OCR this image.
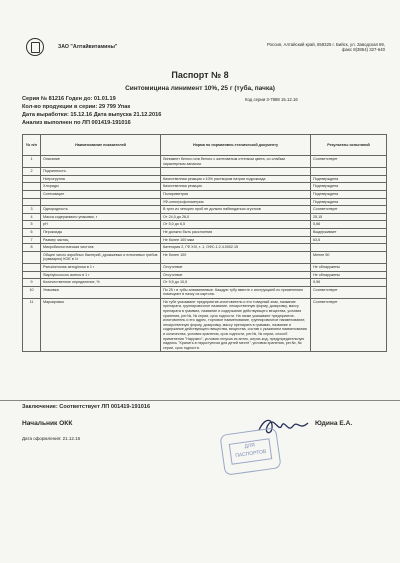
ЗАО "Алтайвитамины"	Россия, Алтайский край, 659325 г. Бийск, ул. Заводская 69,
факс 8(3854) 327-640
Паспорт № 8
Синтомицина линимент 10%, 25 г (туба, пачка)
Серия № 81216 Годен до: 01.01.19	Код серии 3-7888 15.12.16
Кол-во продукции в серии: 29 799 Упак
Дата выработки: 15.12.16 Дата выпуска 21.12.2016
Анализ выполнен по ЛП 001419-191016
№ п/п	Наименование показателей	Норма по нормативно-технической документу	Результаты испытаний
1	Описание	Линимент белого или белого с желтоватым оттенком цвета, со слабым характерным запахом.	Соответствует
2	Подлинность:		
	Нитрогруппа	Качественная реакция с 10% раствором натрия гидроксида	Подтверждена
	Хлориды	Качественная реакция	Подтверждена
	Синтомицин	Поляриметрия	Подтверждена
		УФ-спектрофотометрия	Подтверждена
3	Однородность	В трех из четырех проб не должно наблюдаться сгустков	Соответствует
4	Масса содержимого упаковки, г	От 24,0 до 26,0	25,15
5	pH	От 5,0 до 6,5	5,66
6	Пероксиды	Не должно быть расслоения	Выдерживает
7	Размер частиц	Не более 100 мкм	63,6
8	Микробиологическая чистота:	Категория 2, ГФ XIII, т. 1, ОФС.1.2.4.0002.15	
	Общее число аэробных бактерий, дрожжевых и плесневых грибов (суммарно) КОЕ в 1г	Не более 100	Менее 50
	Pseudomonas aeruginosa в 1 г	Отсутствие	Не обнаружены
	Staphylococcus aureus в 1 г	Отсутствие	Не обнаружены
9	Количественное определение, %	От 9,5 до 10,5	9,96
10	Упаковка	По 25 г в тубы алюминиевые. Каждую тубу вместе с инструкцией по применению помещают в пачку из картона.	Соответствует
11	Маркировка	На тубе указывают предприятие-изготовитель и его товарный знак, название препарата, группировочное название, лекарственную форму, дозировку, массу препарата в граммах, название и содержание действующего вещества, условия хранения, рег.№, № серии, срок годности. На пачке указывают предприятие-изготовитель и его адрес, торговое наименование, группировочное наименование, лекарственную форму, дозировку, массу препарата в граммах, название и содержание действующего вещества, вещества, состав с указанием наименования и количества, условия хранения, срок годности, рег.№, № серии, способ применения "Наружно", условия отпуска из аптек, штрих-код, предупредительную надпись "Хранить в недоступном для детей месте", условия хранения, рег.№, № серии, срок годности.	Соответствует
Заключение: Соответствует ЛП 001419-191016
Начальник ОКК	Юдина Е.А.
Дата оформления: 21.12.16
ДЛЯ ПАСПОРТОВ
